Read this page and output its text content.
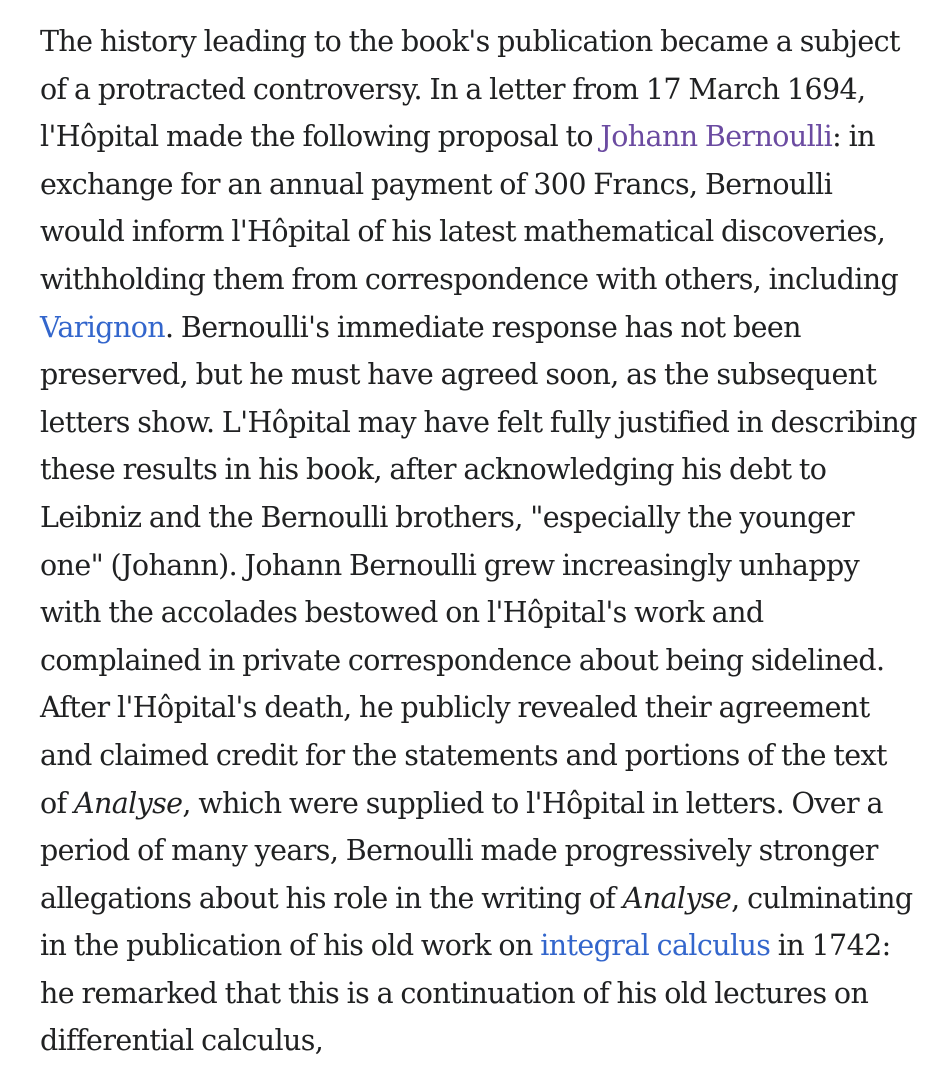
The history leading to the book's publication became a subject of a protracted controversy. In a letter from 17 March 1694, l'Hôpital made the following proposal to Johann Bernoulli: in exchange for an annual payment of 300 Francs, Bernoulli would inform l'Hôpital of his latest mathematical discoveries, withholding them from correspondence with others, including Varignon. Bernoulli's immediate response has not been preserved, but he must have agreed soon, as the subsequent letters show. L'Hôpital may have felt fully justified in describing these results in his book, after acknowledging his debt to Leibniz and the Bernoulli brothers, "especially the younger one" (Johann). Johann Bernoulli grew increasingly unhappy with the accolades bestowed on l'Hôpital's work and complained in private correspondence about being sidelined. After l'Hôpital's death, he publicly revealed their agreement and claimed credit for the statements and portions of the text of Analyse, which were supplied to l'Hôpital in letters. Over a period of many years, Bernoulli made progressively stronger allegations about his role in the writing of Analyse, culminating in the publication of his old work on integral calculus in 1742: he remarked that this is a continuation of his old lectures on differential calculus,
